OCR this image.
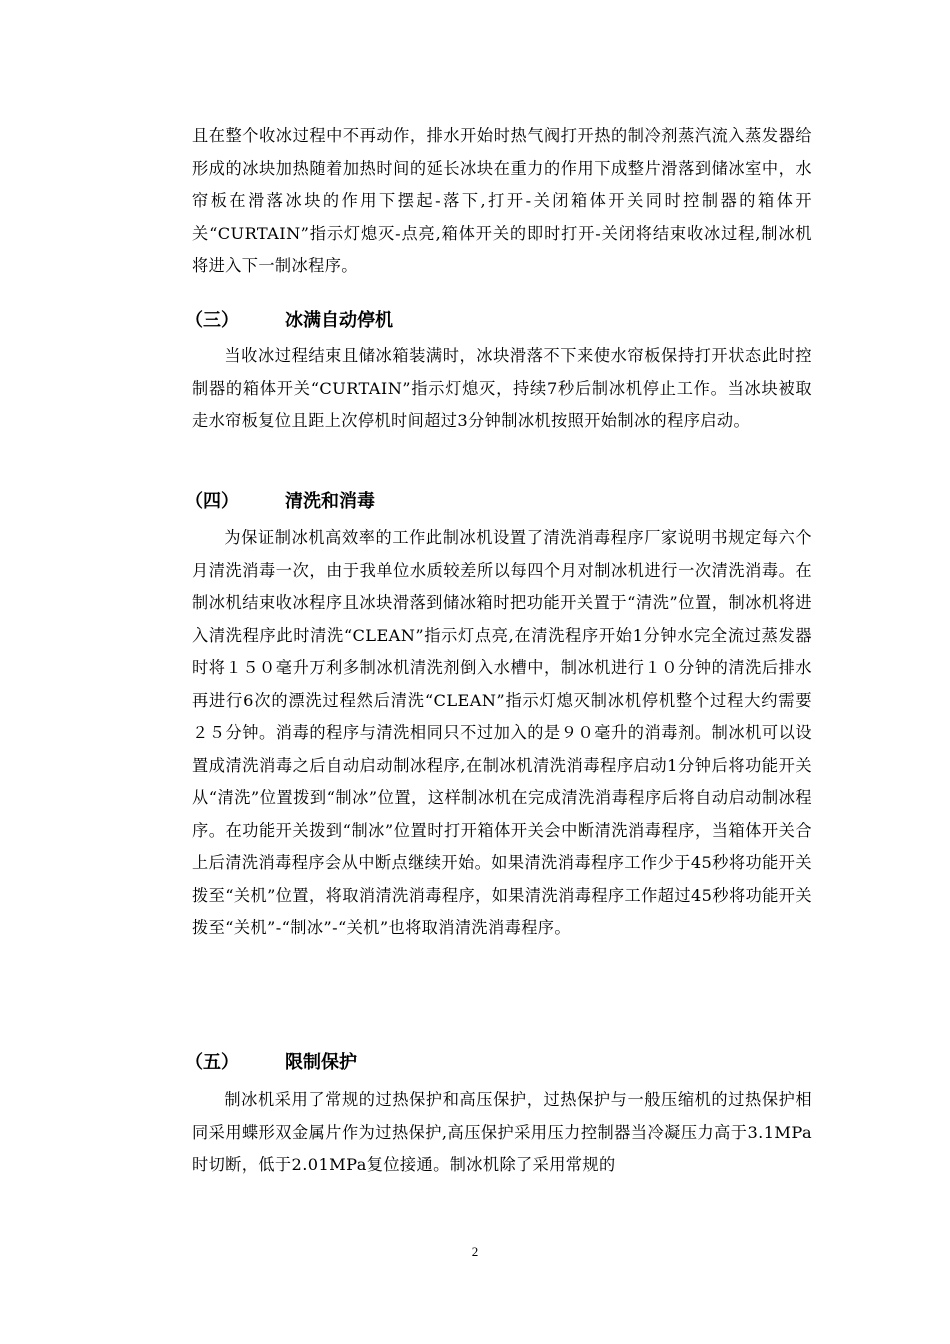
且在整个收冰过程中不再动作，排水开始时热气阀打开热的制冷剂蒸汽流入蒸发器给形成的冰块加热随着加热时间的延长冰块在重力的作用下成整片滑落到储冰室中，水帘板在滑落冰块的作用下摆起-落下,打开-关闭箱体开关同时控制器的箱体开关“CURTAIN”指示灯熄灭-点亮,箱体开关的即时打开-关闭将结束收冰过程,制冰机将进入下一制冰程序。

（三）	冰满自动停机

当收冰过程结束且储冰箱装满时，冰块滑落不下来使水帘板保持打开状态此时控制器的箱体开关“CURTAIN”指示灯熄灭，持续7秒后制冰机停止工作。当冰块被取走水帘板复位且距上次停机时间超过3分钟制冰机按照开始制冰的程序启动。

（四）	清洗和消毒

为保证制冰机高效率的工作此制冰机设置了清洗消毒程序厂家说明书规定每六个月清洗消毒一次，由于我单位水质较差所以每四个月对制冰机进行一次清洗消毒。在制冰机结束收冰程序且冰块滑落到储冰箱时把功能开关置于“清洗”位置，制冰机将进入清洗程序此时清洗“CLEAN”指示灯点亮,在清洗程序开始1分钟水完全流过蒸发器时将１５０毫升万利多制冰机清洗剂倒入水槽中，制冰机进行１０分钟的清洗后排水再进行6次的漂洗过程然后清洗“CLEAN”指示灯熄灭制冰机停机整个过程大约需要２５分钟。消毒的程序与清洗相同只不过加入的是９０毫升的消毒剂。制冰机可以设置成清洗消毒之后自动启动制冰程序,在制冰机清洗消毒程序启动1分钟后将功能开关从“清洗”位置拨到“制冰”位置，这样制冰机在完成清洗消毒程序后将自动启动制冰程序。在功能开关拨到“制冰”位置时打开箱体开关会中断清洗消毒程序，当箱体开关合上后清洗消毒程序会从中断点继续开始。如果清洗消毒程序工作少于45秒将功能开关拨至“关机”位置，将取消清洗消毒程序，如果清洗消毒程序工作超过45秒将功能开关拨至“关机”-“制冰”-“关机”也将取消清洗消毒程序。

（五）	限制保护

制冰机采用了常规的过热保护和高压保护，过热保护与一般压缩机的过热保护相同采用蝶形双金属片作为过热保护,高压保护采用压力控制器当冷凝压力高于3.1MPa时切断，低于2.01MPa复位接通。制冰机除了采用常规的

2
